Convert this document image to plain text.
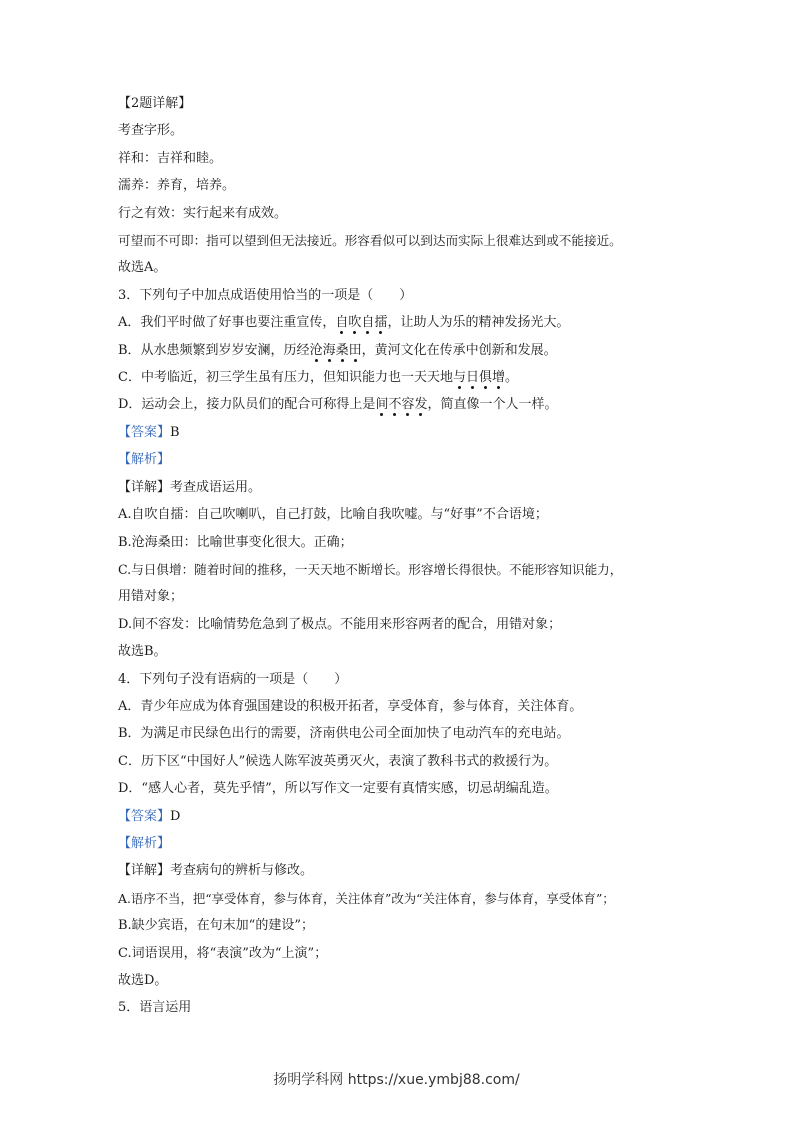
【2题详解】
考查字形。
祥和：吉祥和睦。
濡养：养育，培养。
行之有效：实行起来有成效。
可望而不可即：指可以望到但无法接近。形容看似可以到达而实际上很难达到或不能接近。
故选A。
3．下列句子中加点成语使用恰当的一项是（　　）
A．我们平时做了好事也要注重宣传，自吹自擂，让助人为乐的精神发扬光大。
B．从水患频繁到岁岁安澜，历经沧海桑田，黄河文化在传承中创新和发展。
C．中考临近，初三学生虽有压力，但知识能力也一天天地与日俱增。
D．运动会上，接力队员们的配合可称得上是间不容发，简直像一个人一样。
【答案】B
【解析】
【详解】考查成语运用。
A.自吹自擂：自己吹喇叭，自己打鼓，比喻自我吹嘘。与“好事”不合语境；
B.沧海桑田：比喻世事变化很大。正确；
C.与日俱增：随着时间的推移，一天天地不断增长。形容增长得很快。不能形容知识能力，
用错对象；
D.间不容发：比喻情势危急到了极点。不能用来形容两者的配合，用错对象；
故选B。
4．下列句子没有语病的一项是（　　）
A．青少年应成为体育强国建设的积极开拓者，享受体育，参与体育，关注体育。
B．为满足市民绿色出行的需要，济南供电公司全面加快了电动汽车的充电站。
C．历下区“中国好人”候选人陈军波英勇灭火，表演了教科书式的救援行为。
D．“感人心者，莫先乎情”，所以写作文一定要有真情实感，切忌胡编乱造。
【答案】D
【解析】
【详解】考查病句的辨析与修改。
A.语序不当，把“享受体育，参与体育，关注体育”改为“关注体育，参与体育，享受体育”；
B.缺少宾语，在句末加“的建设”；
C.词语误用，将“表演”改为“上演”；
故选D。
5．语言运用
扬明学科网 https://xue.ymbj88.com/
